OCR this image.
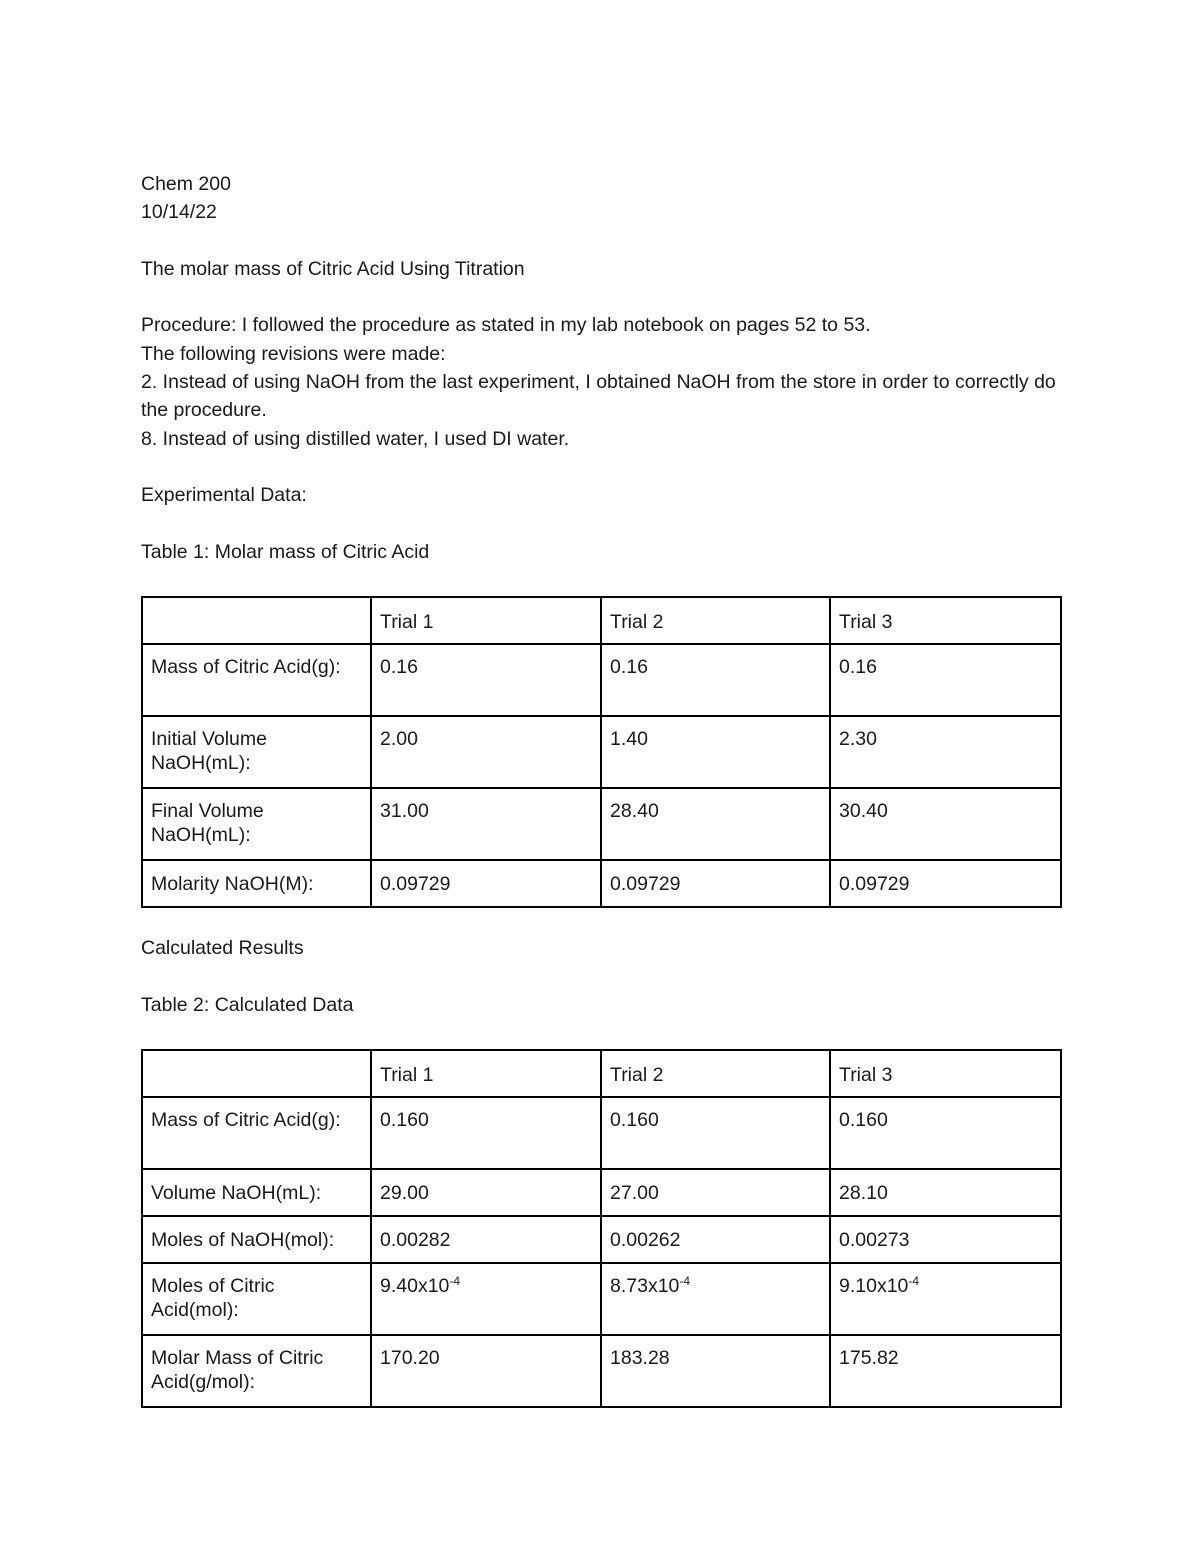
Chem 200
10/14/22
The molar mass of Citric Acid Using Titration
Procedure: I followed the procedure as stated in my lab notebook on pages 52 to 53.
The following revisions were made:
2. Instead of using NaOH from the last experiment, I obtained NaOH from the store in order to correctly do the procedure.
8. Instead of using distilled water, I used DI water.
Experimental Data:
Table 1: Molar mass of Citric Acid
	Trial 1	Trial 2	Trial 3
Mass of Citric Acid(g):	0.16	0.16	0.16
Initial Volume NaOH(mL):	2.00	1.40	2.30
Final Volume NaOH(mL):	31.00	28.40	30.40
Molarity NaOH(M):	0.09729	0.09729	0.09729
Calculated Results
Table 2: Calculated Data
	Trial 1	Trial 2	Trial 3
Mass of Citric Acid(g):	0.160	0.160	0.160
Volume NaOH(mL):	29.00	27.00	28.10
Moles of NaOH(mol):	0.00282	0.00262	0.00273
Moles of Citric Acid(mol):	$9.40x10^{-4}$	$8.73x10^{-4}$	$9.10x10^{-4}$
Molar Mass of Citric Acid(g/mol):	170.20	183.28	175.82
